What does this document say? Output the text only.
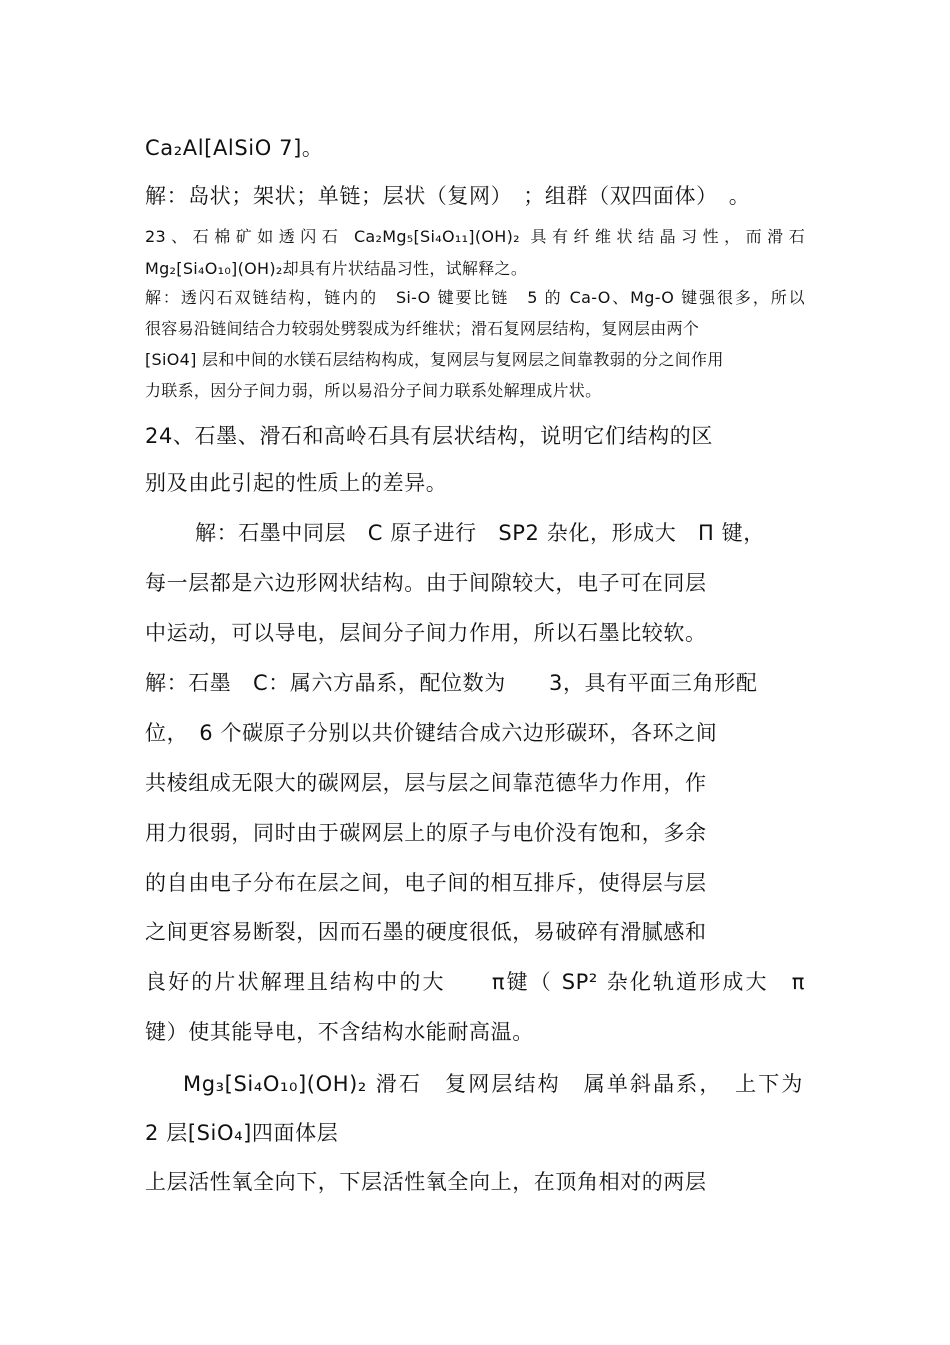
Ca₂Al[AlSiO 7]。

解：岛状；架状；单链；层状（复网）　；组群（双四面体）　。

23、石棉矿如透闪石 Ca₂Mg₅[Si₄O₁₁](OH)₂ 具有纤维状结晶习性，而滑石

Mg₂[Si₄O₁₀](OH)₂却具有片状结晶习性，试解释之。

解：透闪石双链结构，链内的　Si-O 键要比链　5 的 Ca-O、Mg-O 键强很多，所以

很容易沿链间结合力较弱处劈裂成为纤维状；滑石复网层结构，复网层由两个

[SiO4] 层和中间的水镁石层结构构成，复网层与复网层之间靠教弱的分之间作用

力联系，因分子间力弱，所以易沿分子间力联系处解理成片状。

24、石墨、滑石和高岭石具有层状结构，说明它们结构的区

别及由此引起的性质上的差异。

解：石墨中同层　C 原子进行　SP2 杂化，形成大　Π 键，

每一层都是六边形网状结构。由于间隙较大，电子可在同层

中运动，可以导电，层间分子间力作用，所以石墨比较软。

解：石墨　C：属六方晶系，配位数为　　3，具有平面三角形配

位，　6 个碳原子分别以共价键结合成六边形碳环，各环之间

共棱组成无限大的碳网层，层与层之间靠范德华力作用，作

用力很弱，同时由于碳网层上的原子与电价没有饱和，多余

的自由电子分布在层之间，电子间的相互排斥，使得层与层

之间更容易断裂，因而石墨的硬度很低，易破碎有滑腻感和

良好的片状解理且结构中的大　　π键（ SP² 杂化轨道形成大　π

键）使其能导电，不含结构水能耐高温。

Mg₃[Si₄O₁₀](OH)₂ 滑石　复网层结构　属单斜晶系，　上下为

2 层[SiO₄]四面体层

上层活性氧全向下，下层活性氧全向上，在顶角相对的两层
